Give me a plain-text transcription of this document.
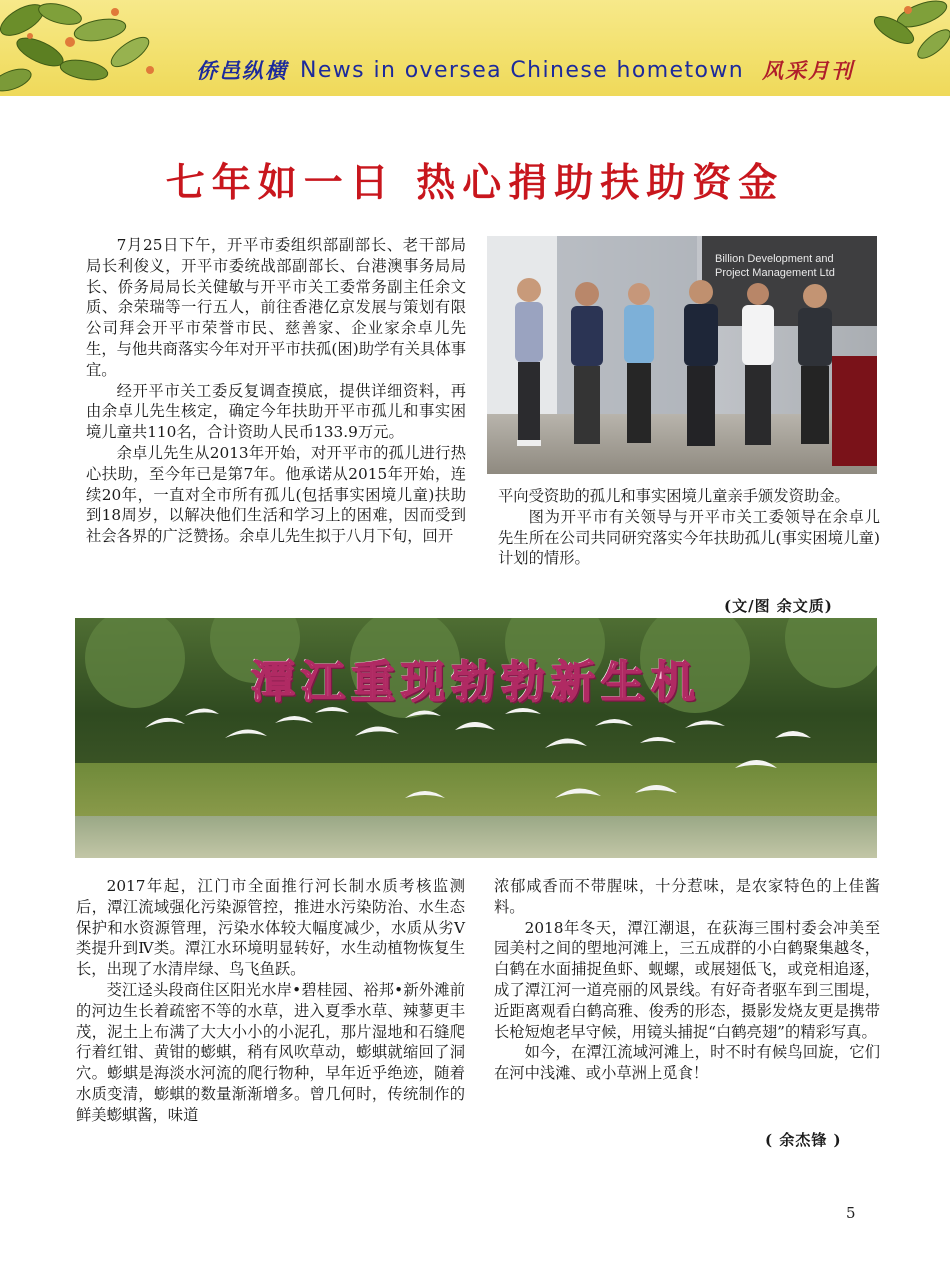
侨邑纵横 News in oversea Chinese hometown 风采月刊
七年如一日 热心捐助扶助资金

7月25日下午，开平市委组织部副部长、老干部局局长利俊义，开平市委统战部副部长、台港澳事务局局长、侨务局局长关健敏与开平市关工委常务副主任余文质、余荣瑞等一行五人，前往香港亿京发展与策划有限公司拜会开平市荣誉市民、慈善家、企业家余卓儿先生，与他共商落实今年对开平市扶孤(困)助学有关具体事宜。

经开平市关工委反复调查摸底，提供详细资料，再由余卓儿先生核定，确定今年扶助开平市孤儿和事实困境儿童共110名，合计资助人民币133.9万元。

余卓儿先生从2013年开始，对开平市的孤儿进行热心扶助，至今年已是第7年。他承诺从2015年开始，连续20年，一直对全市所有孤儿(包括事实困境儿童)扶助到18周岁，以解决他们生活和学习上的困难，因而受到社会各界的广泛赞扬。余卓儿先生拟于八月下旬，回开

Billion Development and
Project Management Ltd

平向受资助的孤儿和事实困境儿童亲手颁发资助金。

图为开平市有关领导与开平市关工委领导在余卓儿先生所在公司共同研究落实今年扶助孤儿(事实困境儿童)计划的情形。

(文/图 余文质)
潭江重现勃勃新生机

2017年起，江门市全面推行河长制水质考核监测后，潭江流域强化污染源管控，推进水污染防治、水生态保护和水资源管理，污染水体较大幅度减少，水质从劣Ⅴ类提升到Ⅳ类。潭江水环境明显转好，水生动植物恢复生长，出现了水清岸绿、鸟飞鱼跃。

茭江迳头段商住区阳光水岸•碧桂园、裕邦•新外滩前的河边生长着疏密不等的水草，进入夏季水草、辣蓼更丰茂，泥土上布满了大大小小的小泥孔，那片湿地和石缝爬行着红钳、黄钳的蟛蜞，稍有风吹草动，蟛蜞就缩回了洞穴。蟛蜞是海淡水河流的爬行物种，早年近乎绝迹，随着水质变清，蟛蜞的数量渐渐增多。曾几何时，传统制作的鲜美蟛蜞酱，味道

浓郁咸香而不带腥味，十分惹味，是农家特色的上佳酱料。

2018年冬天，潭江潮退，在荻海三围村委会冲美至园美村之间的塱地河滩上，三五成群的小白鹤聚集越冬，白鹤在水面捕捉鱼虾、蚬螺，或展翅低飞，或竞相追逐，成了潭江河一道亮丽的风景线。有好奇者驱车到三围堤，近距离观看白鹤高雅、俊秀的形态，摄影发烧友更是携带长枪短炮老早守候，用镜头捕捉“白鹤亮翅”的精彩写真。

如今，在潭江流域河滩上，时不时有候鸟回旋，它们在河中浅滩、或小草洲上觅食！

( 余杰锋 )
5
